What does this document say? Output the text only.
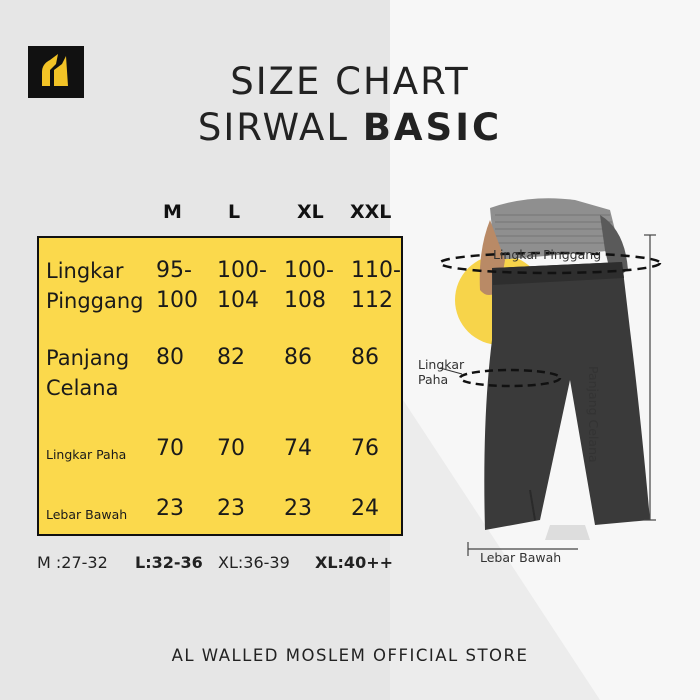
SIZE CHART
SIRWAL BASIC
M L	XL XXL
Lingkar
Pinggang
95-
100
100-
104
100-
108
110-
112
Panjang
Celana
80 82 86 86
Lingkar Paha 70 70 74 76
Lebar Bawah 23 23 23 24
M :27-32 L:32-36 XL:36-39 XL:40++
Lingkar Pinggang
Lingkar
Paha	Panjang Celana
Lebar Bawah
AL WALLED MOSLEM OFFICIAL STORE
